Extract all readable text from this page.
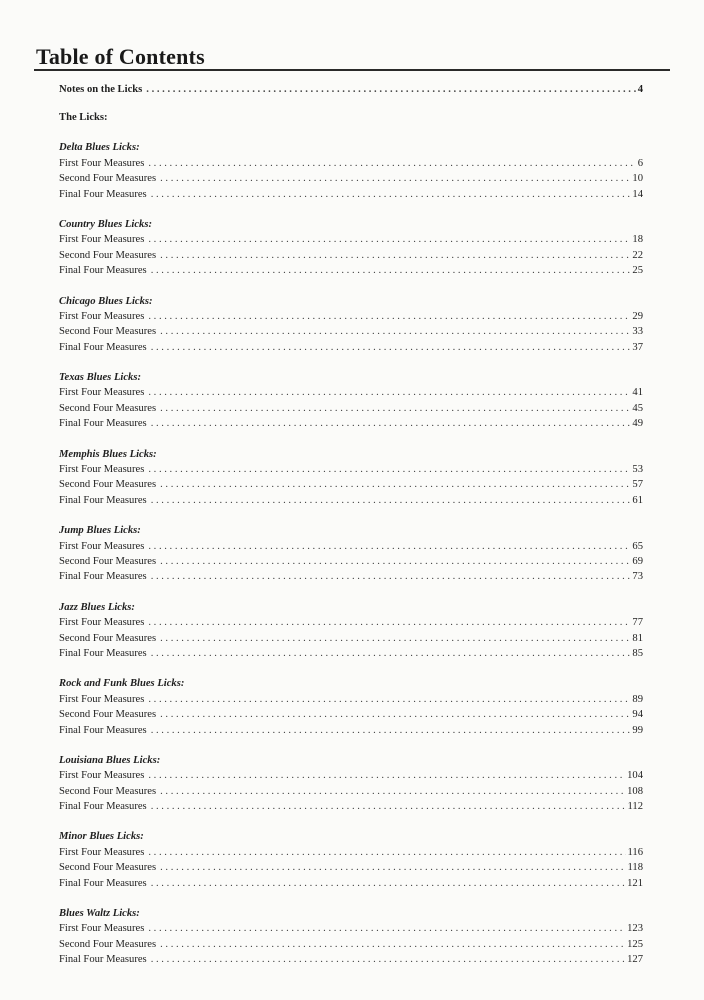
Table of Contents
Notes on the Licks . . .	4
The Licks:
Delta Blues Licks:
First Four Measures . . .	6
Second Four Measures . . .	10
Final Four Measures . . .	14
Country Blues Licks:
First Four Measures . . .	18
Second Four Measures . . .	22
Final Four Measures . . .	25
Chicago Blues Licks:
First Four Measures . . .	29
Second Four Measures . . .	33
Final Four Measures . . .	37
Texas Blues Licks:
First Four Measures . . .	41
Second Four Measures . . .	45
Final Four Measures . . .	49
Memphis Blues Licks:
First Four Measures . . .	53
Second Four Measures . . .	57
Final Four Measures . . .	61
Jump Blues Licks:
First Four Measures . . .	65
Second Four Measures . . .	69
Final Four Measures . . .	73
Jazz Blues Licks:
First Four Measures . . .	77
Second Four Measures . . .	81
Final Four Measures . . .	85
Rock and Funk Blues Licks:
First Four Measures . . .	89
Second Four Measures . . .	94
Final Four Measures . . .	99
Louisiana Blues Licks:
First Four Measures . . .	104
Second Four Measures . . .	108
Final Four Measures . . .	112
Minor Blues Licks:
First Four Measures . . .	116
Second Four Measures . . .	118
Final Four Measures . . .	121
Blues Waltz Licks:
First Four Measures . . .	123
Second Four Measures . . .	125
Final Four Measures . . .	127
